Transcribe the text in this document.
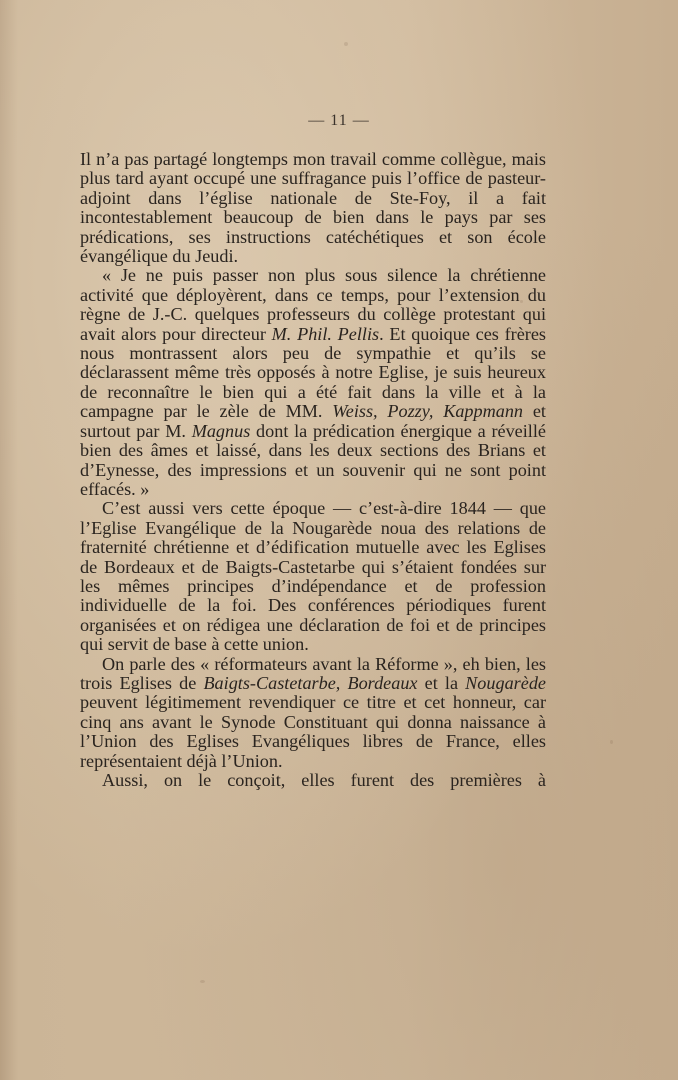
— 11 —

Il n’a pas partagé longtemps mon travail comme collègue, mais plus tard ayant occupé une suffragance puis l’office de pasteur-adjoint dans l’église nationale de Ste-Foy, il a fait incontestablement beaucoup de bien dans le pays par ses prédications, ses instructions catéchétiques et son école évangélique du Jeudi.

« Je ne puis passer non plus sous silence la chrétienne activité que déployèrent, dans ce temps, pour l’extension du règne de J.-C. quelques professeurs du collège protestant qui avait alors pour directeur M. Phil. Pellis. Et quoique ces frères nous montrassent alors peu de sympathie et qu’ils se déclarassent même très opposés à notre Eglise, je suis heureux de reconnaître le bien qui a été fait dans la ville et à la campagne par le zèle de MM. Weiss, Pozzy, Kappmann et surtout par M. Magnus dont la prédication énergique a réveillé bien des âmes et laissé, dans les deux sections des Brians et d’Eynesse, des impressions et un souvenir qui ne sont point effacés. »

C’est aussi vers cette époque — c’est-à-dire 1844 — que l’Eglise Evangélique de la Nougarède noua des relations de fraternité chrétienne et d’édification mutuelle avec les Eglises de Bordeaux et de Baigts-Castetarbe qui s’étaient fondées sur les mêmes principes d’indépendance et de profession individuelle de la foi. Des conférences périodiques furent organisées et on rédigea une déclaration de foi et de principes qui servit de base à cette union.

On parle des « réformateurs avant la Réforme », eh bien, les trois Eglises de Baigts-Castetarbe, Bordeaux et la Nougarède peuvent légitimement revendiquer ce titre et cet honneur, car cinq ans avant le Synode Constituant qui donna naissance à l’Union des Eglises Evangéliques libres de France, elles représentaient déjà l’Union.

Aussi, on le conçoit, elles furent des premières à
